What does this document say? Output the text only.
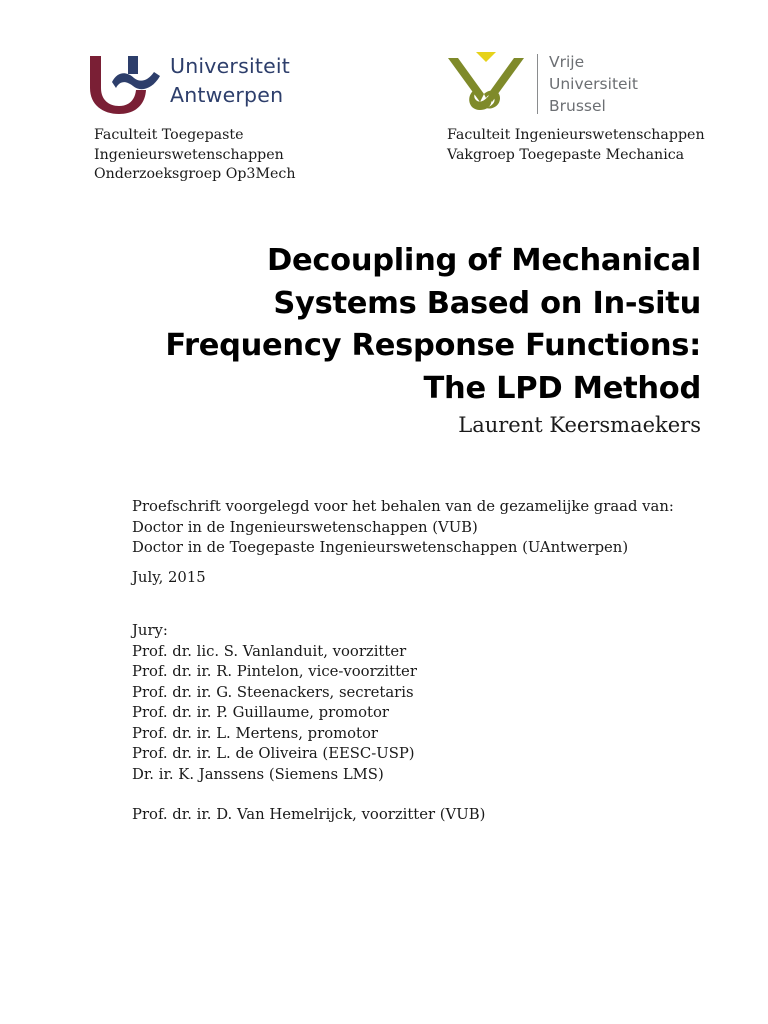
Universiteit
Antwerpen
Vrije
Universiteit
Brussel
Faculteit Toegepaste
Ingenieurswetenschappen
Onderzoeksgroep Op3Mech
Faculteit Ingenieurswetenschappen
Vakgroep Toegepaste Mechanica
Decoupling of Mechanical
Systems Based on In-situ
Frequency Response Functions:
The LPD Method
Laurent Keersmaekers
Proefschrift voorgelegd voor het behalen van de gezamelijke graad van:
Doctor in de Ingenieurswetenschappen (VUB)
Doctor in de Toegepaste Ingenieurswetenschappen (UAntwerpen)
July, 2015
Jury:
Prof. dr. lic. S. Vanlanduit, voorzitter
Prof. dr. ir. R. Pintelon, vice-voorzitter
Prof. dr. ir. G. Steenackers, secretaris
Prof. dr. ir. P. Guillaume, promotor
Prof. dr. ir. L. Mertens, promotor
Prof. dr. ir. L. de Oliveira (EESC-USP)
Dr. ir. K. Janssens (Siemens LMS)
Prof. dr. ir. D. Van Hemelrijck, voorzitter (VUB)
